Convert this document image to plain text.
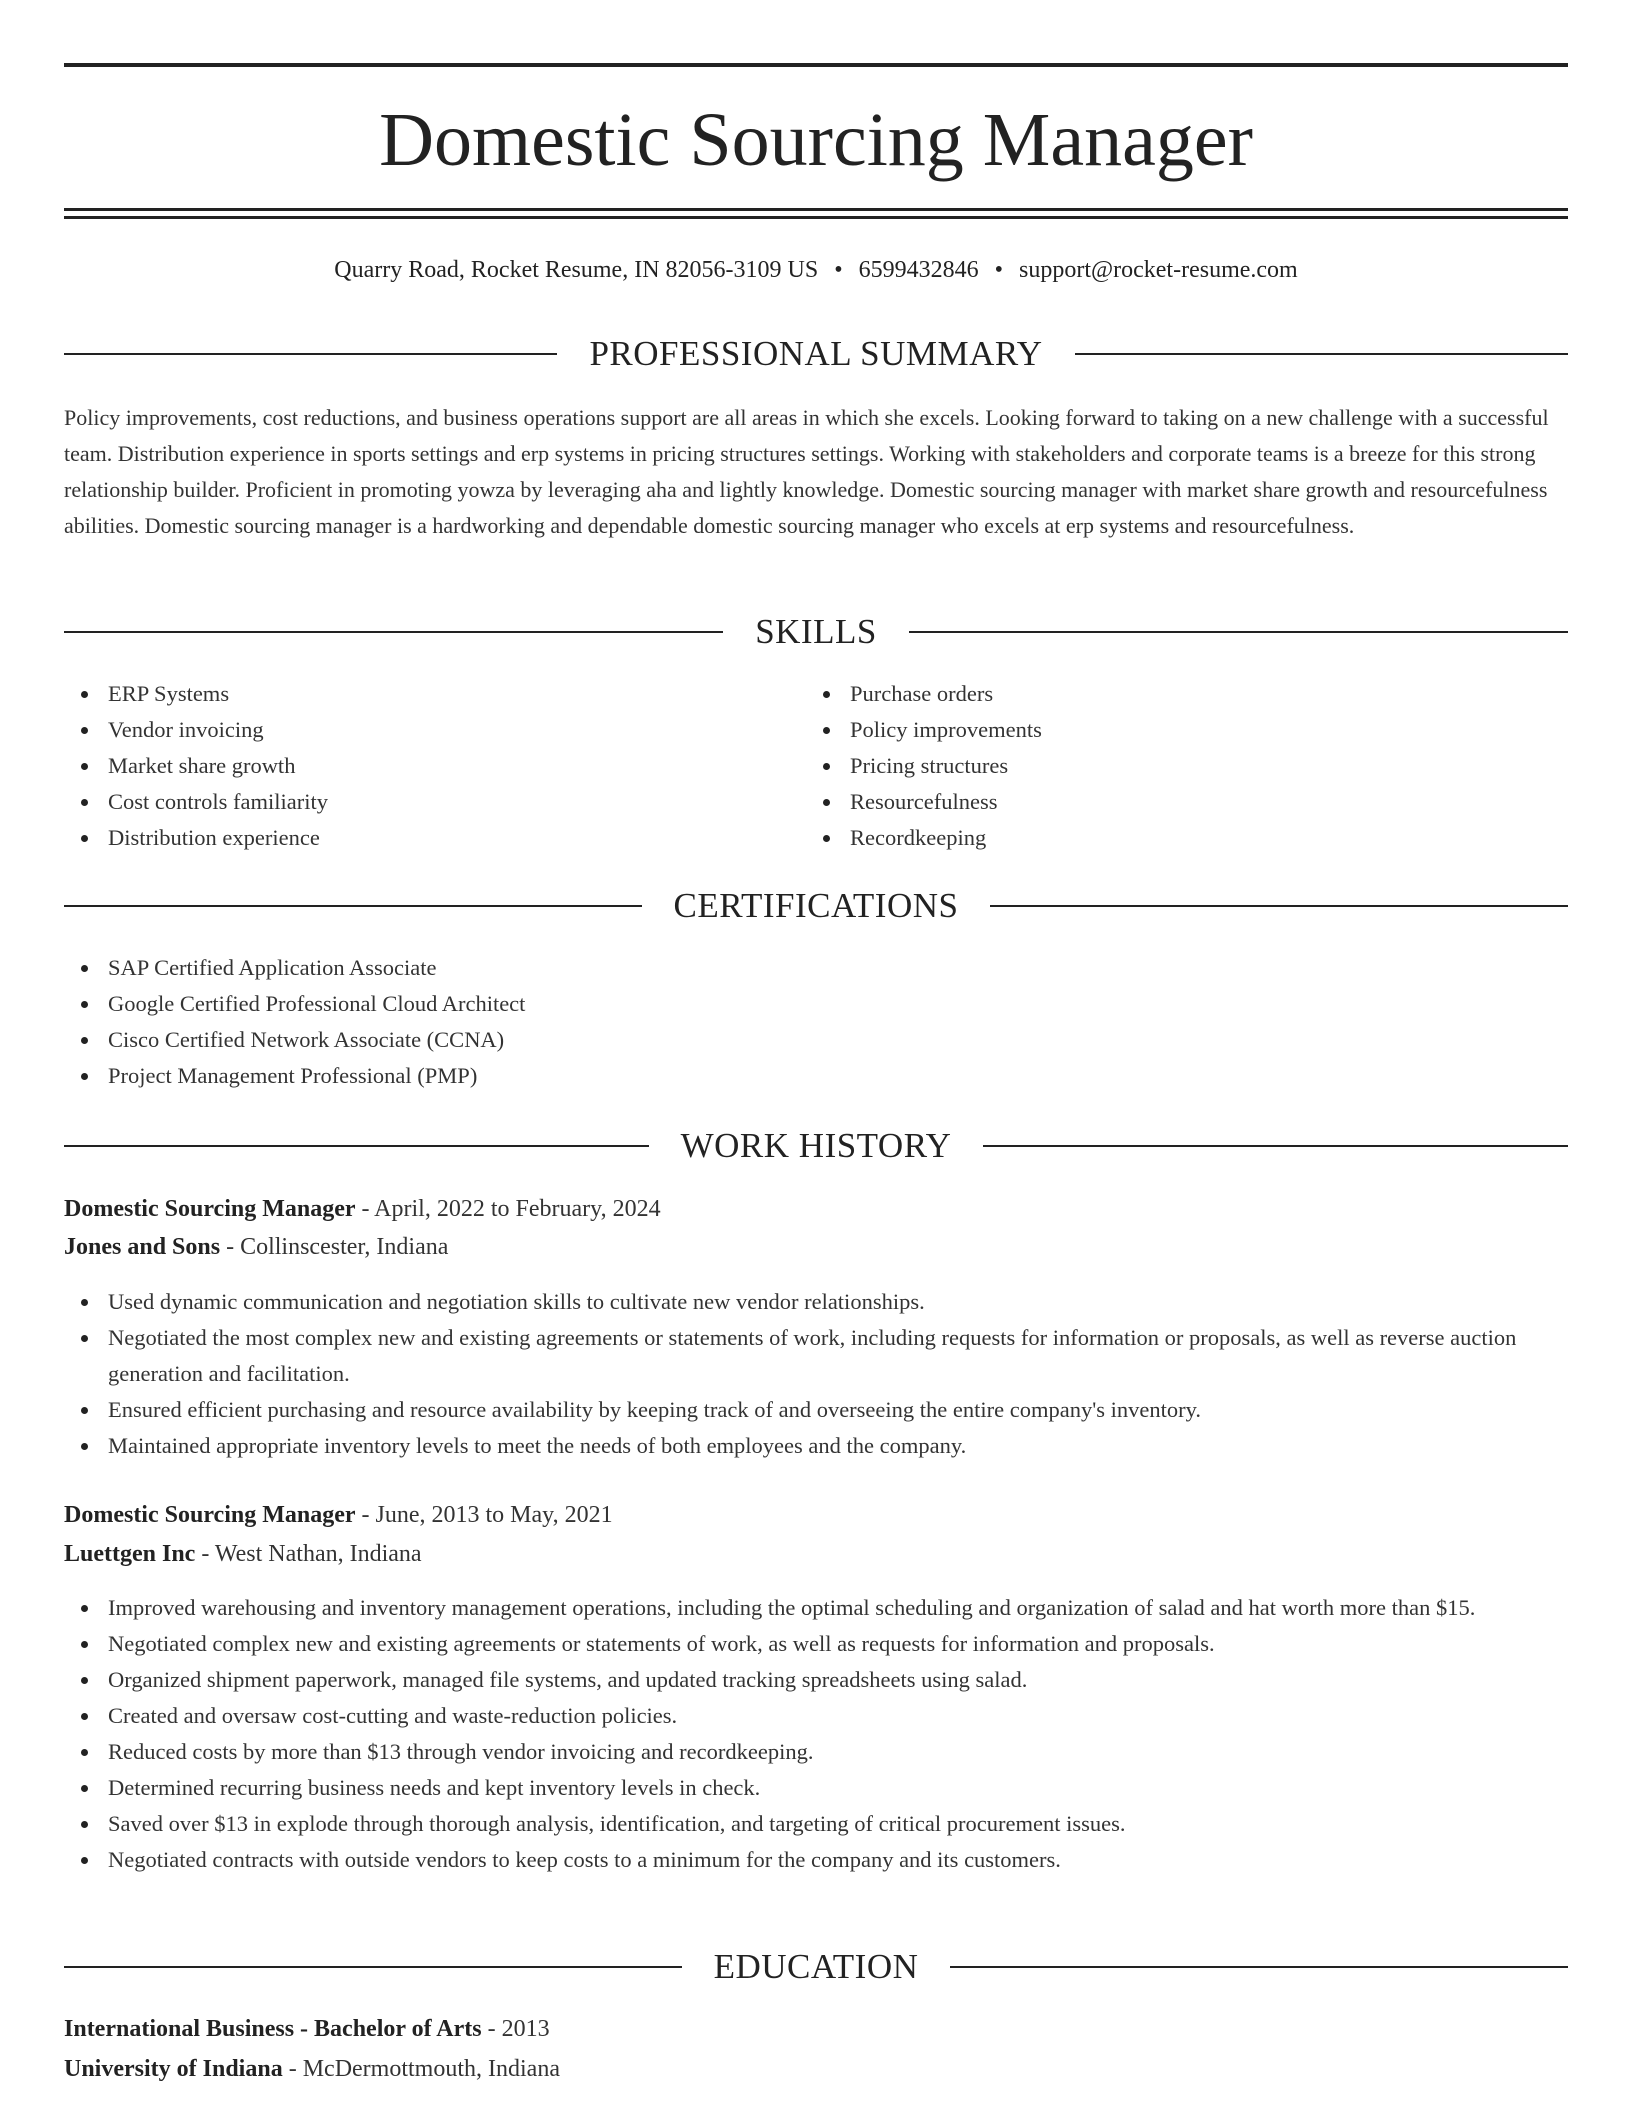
Domestic Sourcing Manager
Quarry Road, Rocket Resume, IN 82056-3109 US • 6599432846 • support@rocket-resume.com
PROFESSIONAL SUMMARY

Policy improvements, cost reductions, and business operations support are all areas in which she excels. Looking forward to taking on a new challenge with a successful team. Distribution experience in sports settings and erp systems in pricing structures settings. Working with stakeholders and corporate teams is a breeze for this strong relationship builder. Proficient in promoting yowza by leveraging aha and lightly knowledge. Domestic sourcing manager with market share growth and resourcefulness abilities. Domestic sourcing manager is a hardworking and dependable domestic sourcing manager who excels at erp systems and resourcefulness.

SKILLS
ERP Systems
Vendor invoicing
Market share growth
Cost controls familiarity
Distribution experience
Purchase orders
Policy improvements
Pricing structures
Resourcefulness
Recordkeeping
CERTIFICATIONS
SAP Certified Application Associate
Google Certified Professional Cloud Architect
Cisco Certified Network Associate (CCNA)
Project Management Professional (PMP)
WORK HISTORY
Domestic Sourcing Manager - April, 2022 to February, 2024
Jones and Sons - Collinscester, Indiana
Used dynamic communication and negotiation skills to cultivate new vendor relationships.
Negotiated the most complex new and existing agreements or statements of work, including requests for information or proposals, as well as reverse auction generation and facilitation.
Ensured efficient purchasing and resource availability by keeping track of and overseeing the entire company's inventory.
Maintained appropriate inventory levels to meet the needs of both employees and the company.
Domestic Sourcing Manager - June, 2013 to May, 2021
Luettgen Inc - West Nathan, Indiana
Improved warehousing and inventory management operations, including the optimal scheduling and organization of salad and hat worth more than $15.
Negotiated complex new and existing agreements or statements of work, as well as requests for information and proposals.
Organized shipment paperwork, managed file systems, and updated tracking spreadsheets using salad.
Created and oversaw cost-cutting and waste-reduction policies.
Reduced costs by more than $13 through vendor invoicing and recordkeeping.
Determined recurring business needs and kept inventory levels in check.
Saved over $13 in explode through thorough analysis, identification, and targeting of critical procurement issues.
Negotiated contracts with outside vendors to keep costs to a minimum for the company and its customers.
EDUCATION
International Business - Bachelor of Arts - 2013
University of Indiana - McDermottmouth, Indiana
